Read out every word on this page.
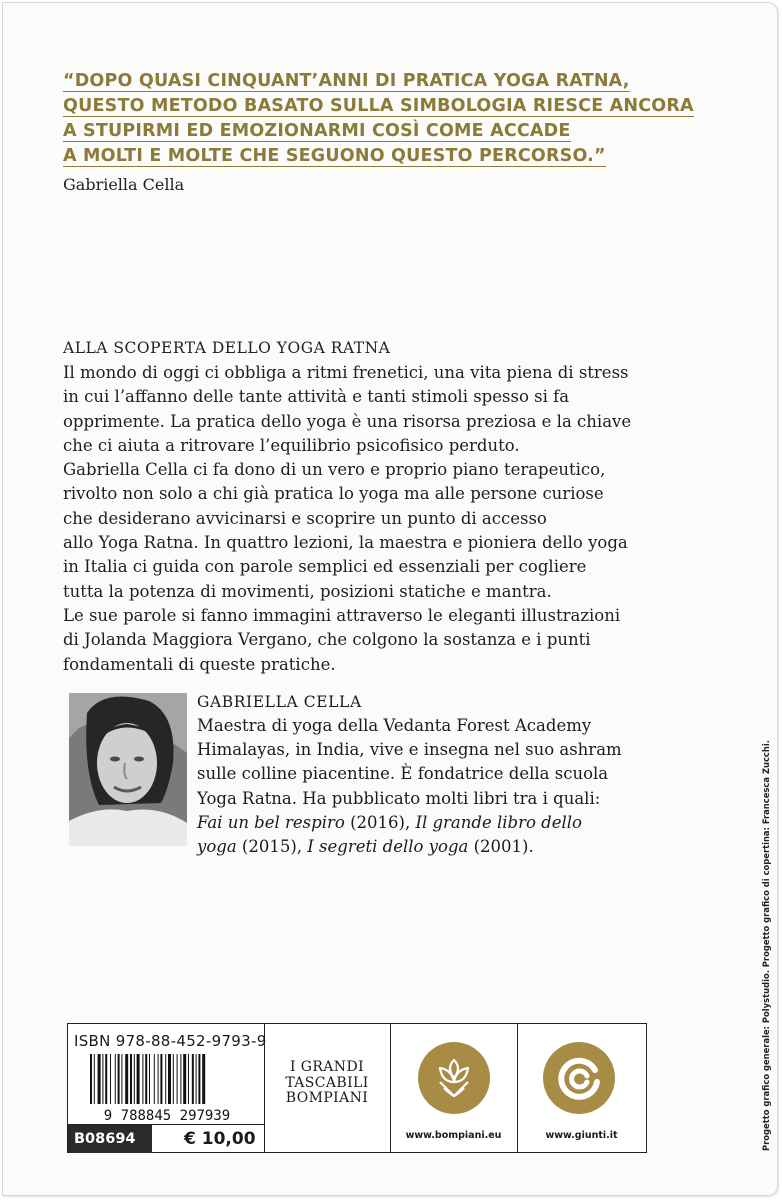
“DOPO QUASI CINQUANT’ANNI DI PRATICA YOGA RATNA,
QUESTO METODO BASATO SULLA SIMBOLOGIA RIESCE ANCORA
A STUPIRMI ED EMOZIONARMI COSÌ COME ACCADE
A MOLTI E MOLTE CHE SEGUONO QUESTO PERCORSO.”
Gabriella Cella
ALLA SCOPERTA DELLO YOGA RATNA
Il mondo di oggi ci obbliga a ritmi frenetici, una vita piena di stress
in cui l’affanno delle tante attività e tanti stimoli spesso si fa
opprimente. La pratica dello yoga è una risorsa preziosa e la chiave
che ci aiuta a ritrovare l’equilibrio psicofisico perduto.
Gabriella Cella ci fa dono di un vero e proprio piano terapeutico,
rivolto non solo a chi già pratica lo yoga ma alle persone curiose
che desiderano avvicinarsi e scoprire un punto di accesso
allo Yoga Ratna. In quattro lezioni, la maestra e pioniera dello yoga
in Italia ci guida con parole semplici ed essenziali per cogliere
tutta la potenza di movimenti, posizioni statiche e mantra.
Le sue parole si fanno immagini attraverso le eleganti illustrazioni
di Jolanda Maggiora Vergano, che colgono la sostanza e i punti
fondamentali di queste pratiche.
GABRIELLA CELLA
Maestra di yoga della Vedanta Forest Academy
Himalayas, in India, vive e insegna nel suo ashram
sulle colline piacentine. È fondatrice della scuola
Yoga Ratna. Ha pubblicato molti libri tra i quali:
Fai un bel respiro (2016), Il grande libro dello
yoga (2015), I segreti dello yoga (2001).	Progetto grafico generale: Polystudio. Progetto grafico di copertina: Francesca Zucchi.
ISBN 978-88-452-9793-9
9 788845 297939
B08694	€ 10,00
I GRANDI
TASCABILI
BOMPIANI
www.bompiani.eu	www.giunti.it
